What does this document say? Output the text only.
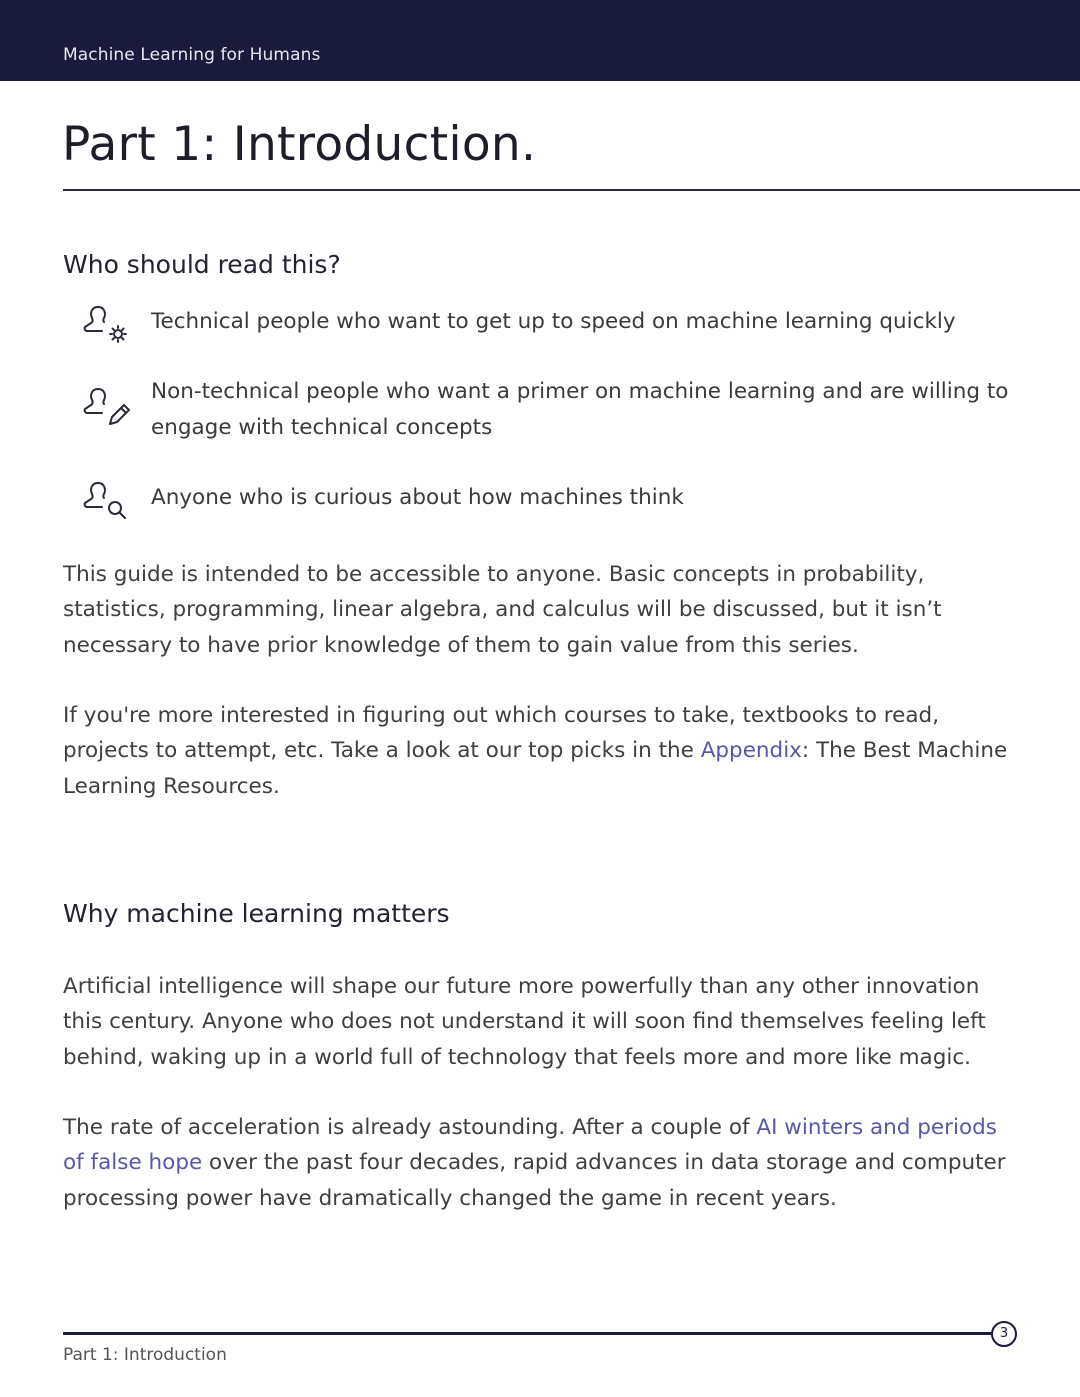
Machine Learning for Humans
Part 1: Introduction.
Who should read this?
Technical people who want to get up to speed on machine learning quickly
Non-technical people who want a primer on machine learning and are willing to engage with technical concepts
Anyone who is curious about how machines think

This guide is intended to be accessible to anyone. Basic concepts in probability, statistics, programming, linear algebra, and calculus will be discussed, but it isn’t necessary to have prior knowledge of them to gain value from this series.

If you're more interested in figuring out which courses to take, textbooks to read, projects to attempt, etc. Take a look at our top picks in the Appendix: The Best Machine Learning Resources.

Why machine learning matters

Artificial intelligence will shape our future more powerfully than any other innovation this century. Anyone who does not understand it will soon find themselves feeling left behind, waking up in a world full of technology that feels more and more like magic.

The rate of acceleration is already astounding. After a couple of AI winters and periods of false hope over the past four decades, rapid advances in data storage and computer processing power have dramatically changed the game in recent years.

3
Part 1: Introduction
